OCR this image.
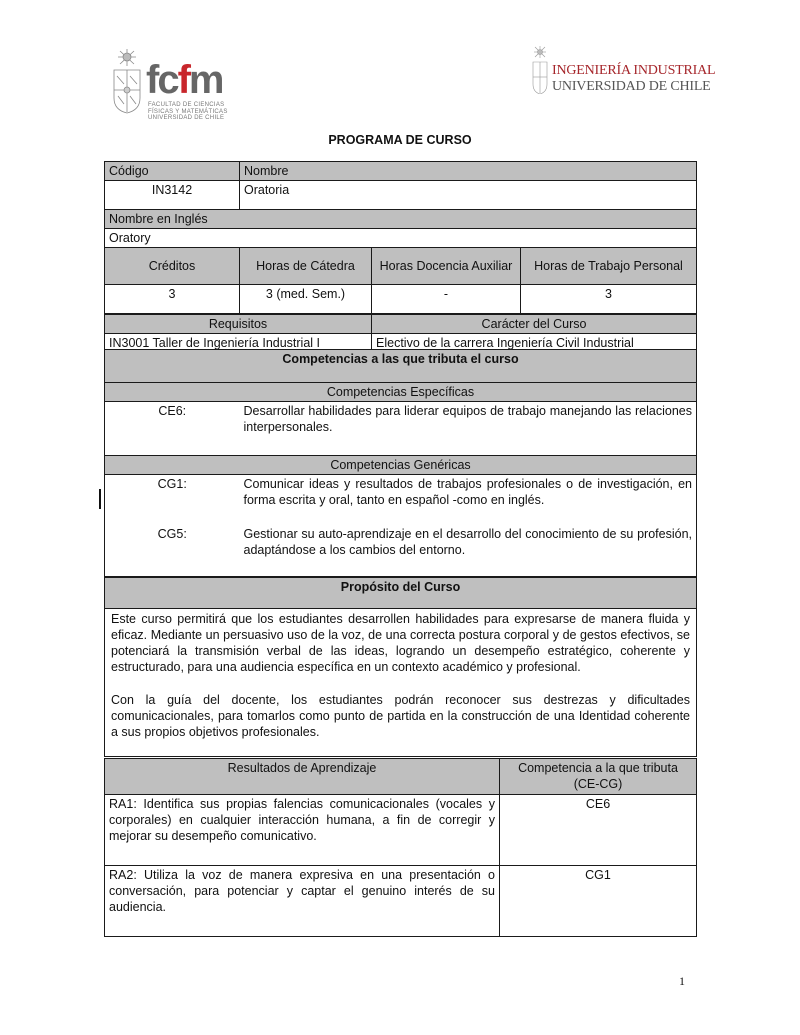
fcfm
FACULTAD DE CIENCIAS
FÍSICAS Y MATEMÁTICAS
UNIVERSIDAD DE CHILE
INGENIERÍA INDUSTRIAL
UNIVERSIDAD DE CHILE
PROGRAMA DE CURSO
Código	Nombre
IN3142	Oratoria
Nombre en Inglés	
Oratory	
Créditos	Horas de Cátedra	Horas Docencia Auxiliar	Horas de Trabajo Personal
3	3 (med. Sem.)	-	3
Requisitos	Carácter del Curso
IN3001 Taller de Ingeniería Industrial I	Electivo de la carrera Ingeniería Civil Industrial
Competencias a las que tributa el curso	
Competencias Específicas	
CE6:	Desarrollar habilidades para liderar equipos de trabajo manejando las relaciones interpersonales.
Competencias Genéricas	
CG1:	Comunicar ideas y resultados de trabajos profesionales o de investigación, en forma escrita y oral, tanto en español -como en inglés.
CG5:	Gestionar su auto-aprendizaje en el desarrollo del conocimiento de su profesión, adaptándose a los cambios del entorno.
Propósito del Curso

Este curso permitirá que los estudiantes desarrollen habilidades para expresarse de manera fluida y eficaz. Mediante un persuasivo uso de la voz, de una correcta postura corporal y de gestos efectivos, se potenciará la transmisión verbal de las ideas, logrando un desempeño estratégico, coherente y estructurado, para una audiencia específica en un contexto académico y profesional.
Con la guía del docente, los estudiantes podrán reconocer sus destrezas y dificultades comunicacionales, para tomarlos como punto de partida en la construcción de una Identidad coherente a sus propios objetivos profesionales.
Resultados de Aprendizaje	Competencia a la que tributa (CE-CG)
RA1: Identifica sus propias falencias comunicacionales (vocales y corporales) en cualquier interacción humana, a fin de corregir y mejorar su desempeño comunicativo.	CE6
RA2: Utiliza la voz de manera expresiva en una presentación o conversación, para potenciar y captar el genuino interés de su audiencia.	CG1
1
